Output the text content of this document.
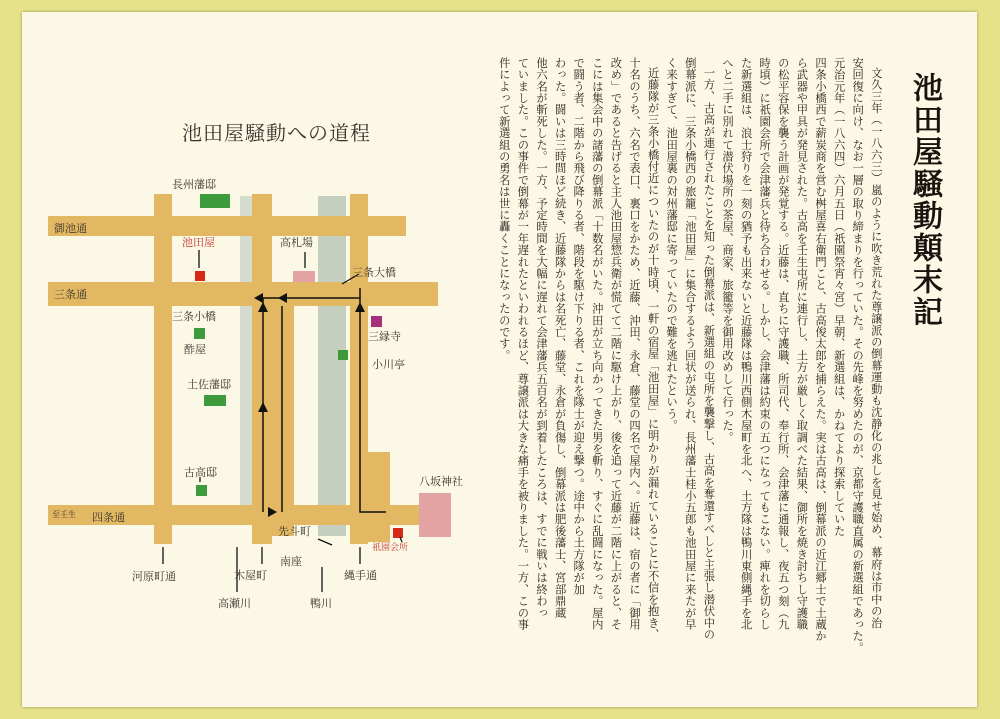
池田屋騒動への道程
長州藩邸
御池通
三条通
池田屋	高札場
三条大橋
三条小橋
酢屋
三縁寺
小川亭
土佐藩邸
古高邸
八坂神社
至壬生 四条通
先斗町
南座
祇園会所
河原町通	木屋町
高瀬川	鴨川
縄手通
池田屋騒動顛末記
文久三年（一八六三）嵐のように吹き荒れた尊譲派の倒幕運動も沈静化の兆しを見せ始め、幕府は市中の治
安回復に向け、なお一層の取り締まりを行っていた。その先峰を努めたのが、京都守護職直属の新選組であった。
元治元年（一八六四）六月五日（祇園祭宵々宮）早朝、新選組は、かねてより探索していた
四条小橋西で薪炭商を営む桝屋喜右衛門こと、古高俊太郎を捕らえた。実は古高は、倒幕派の近江郷士で土蔵か
ら武器や甲具が発見された。古高を壬生屯所に連行し、土方が厳しく取調べた結果、御所を焼き討ちし守護職
の松平容保を襲う計画が発覚する。近藤は、直ちに守護職、所司代、奉行所、会津藩に通報し、夜五つ刻（九
時頃）に祇園会所で会津藩兵と待ち合わせる。しかし、会津藩は約束の五つになってもこない。痺れを切らし
た新選組は、浪士狩りを一刻の猶予も出来ないと近藤隊は鴨川西側木屋町を北へ、土方隊は鴨川東側縄手を北
へと二手に別れて潜伏場所の茶屋、商家、旅籠等を御用改めして行った。
一方、古高が連行されたことを知った倒幕派は、新選組の屯所を襲撃し、古高を奪還すべしと主張し潜伏中の
倒幕派に、三条小橋西の旅籠「池田屋」に集合するよう回状が送られ、長州藩士桂小五郎も池田屋に来たが早
く来すぎて、池田屋裏の対州藩邸に寄っていたので難を逃れたという。
近藤隊が三条小橋付近についたのが十時頃、一軒の宿屋「池田屋」に明かりが漏れていることに不信を抱き、
十名のうち、六名で表口、裏口をかため、近藤、沖田、永倉、藤堂の四名で屋内へ。近藤は、宿の者に「御用
改め」であると告げると主人池田屋惣兵衛が慌てて二階に駆け上がり、後を追って近藤が二階に上がると、そ
こには集会中の諸藩の倒幕派「十数名がいた。沖田が立ち向かってきた男を斬り、すぐに乱闘になった。屋内
で闘う者、二階から飛び降りる者、階段を駆け下りる者、これを隊士が迎え撃つ。途中から土方隊が加
わった。闘いは三時間ほど続き、近藤隊からは名死亡、藤堂、永倉が負傷し、倒幕派は肥後藩士、宮部鼎蔵
他六名が斬死した。一方、予定時間を大幅に遅れて会津藩兵五百名が到着したころは、すでに戦いは終わっ
ていました。この事件で倒幕が一年遅れたといわれるほど、尊譲派は大きな痛手を被りました。一方、この事
件によって新選組の勇名は世に轟くことになったのです。
